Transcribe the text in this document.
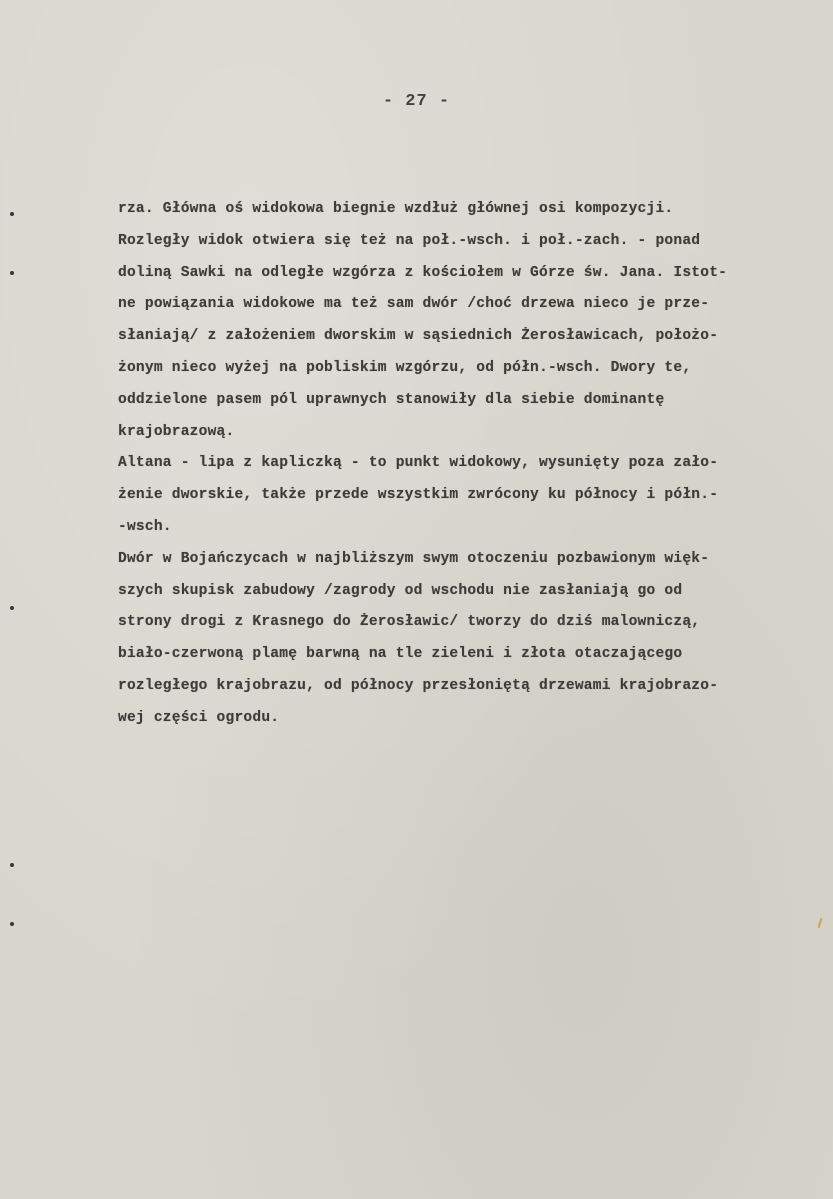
- 27 -
rza. Główna oś widokowa biegnie wzdłuż głównej osi kompozycji.
Rozległy widok otwiera się też na poł.-wsch. i poł.-zach. - ponad
doliną Sawki na odległe wzgórza z kościołem w Górze św. Jana. Istot-
ne powiązania widokowe ma też sam dwór /choć drzewa nieco je prze-
słaniają/ z założeniem dworskim w sąsiednich Żerosławicach, położo-
żonym nieco wyżej na pobliskim wzgórzu, od półn.-wsch. Dwory te,
oddzielone pasem pól uprawnych stanowiły dla siebie dominantę
krajobrazową.
Altana - lipa z kapliczką - to punkt widokowy, wysunięty poza zało-
żenie dworskie, także przede wszystkim zwrócony ku północy i półn.-
-wsch.
Dwór w Bojańczycach w najbliższym swym otoczeniu pozbawionym więk-
szych skupisk zabudowy /zagrody od wschodu nie zasłaniają go od
strony drogi z Krasnego do Żerosławic/ tworzy do dziś malowniczą,
biało-czerwoną plamę barwną na tle zieleni i złota otaczającego
rozległego krajobrazu, od północy przesłoniętą drzewami krajobrazo-
wej części ogrodu.
